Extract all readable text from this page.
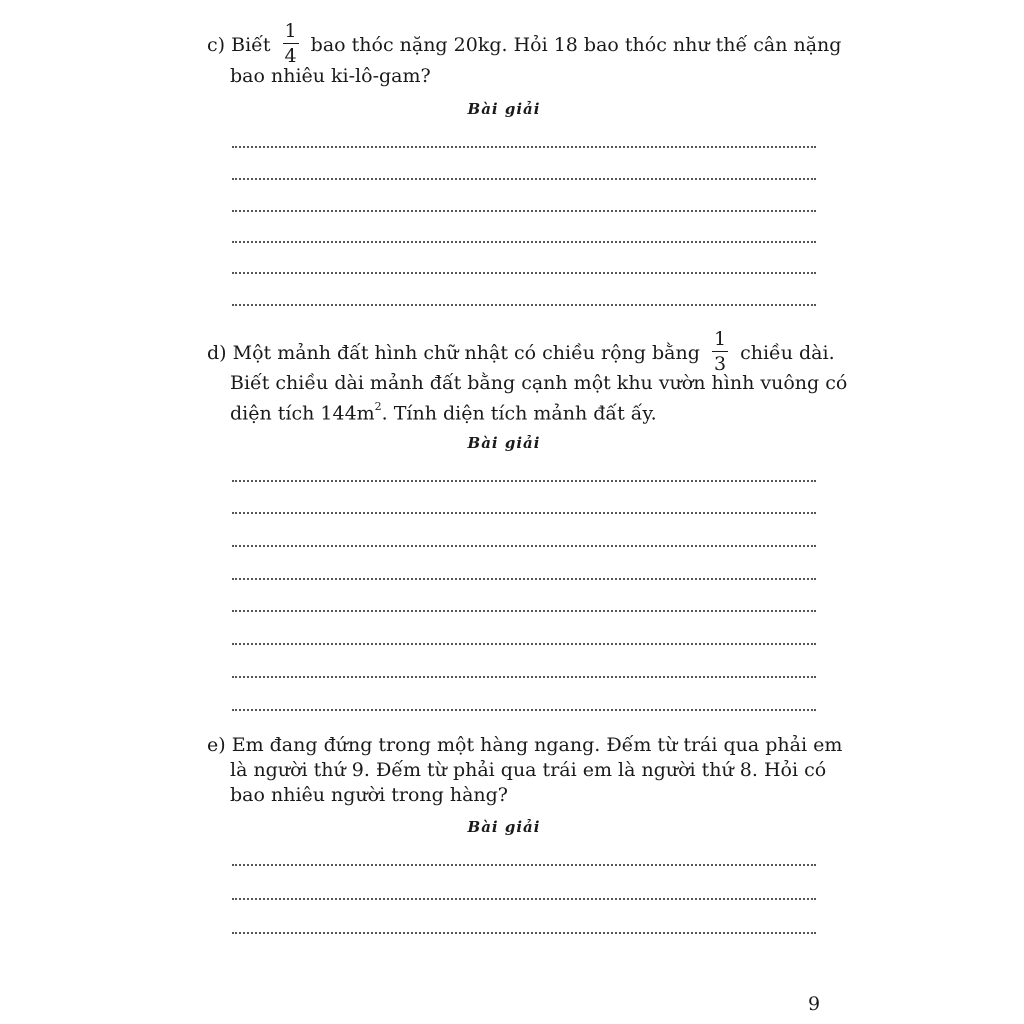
c) Biết $\frac{1}{4}$ bao thóc nặng 20kg. Hỏi 18 bao thóc như thế cân nặng
bao nhiêu ki-lô-gam?
Bài giải
d) Một mảnh đất hình chữ nhật có chiều rộng bằng $\frac{1}{3}$ chiều dài.
Biết chiều dài mảnh đất bằng cạnh một khu vườn hình vuông có
diện tích $144m^2$. Tính diện tích mảnh đất ấy.
Bài giải
e) Em đang đứng trong một hàng ngang. Đếm từ trái qua phải em
là người thứ 9. Đếm từ phải qua trái em là người thứ 8. Hỏi có
bao nhiêu người trong hàng?
Bài giải
9
